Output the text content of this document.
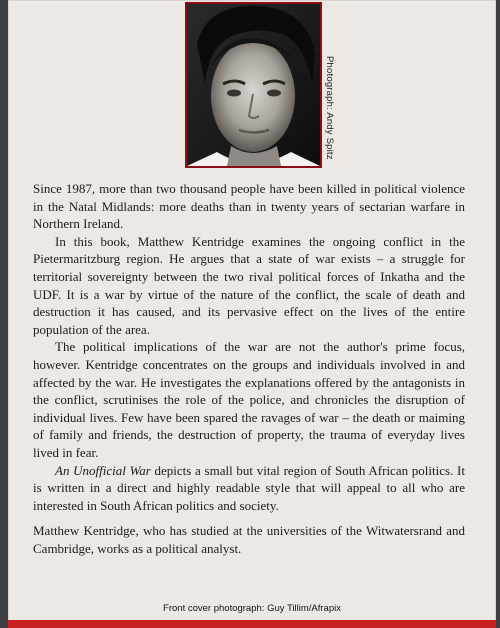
Photograph: Andy Spitz

Since 1987, more than two thousand people have been killed in political violence in the Natal Midlands: more deaths than in twenty years of sectarian warfare in Northern Ireland.

In this book, Matthew Kentridge examines the ongoing conflict in the Pietermaritzburg region. He argues that a state of war exists – a struggle for territorial sovereignty between the two rival political forces of Inkatha and the UDF. It is a war by virtue of the nature of the conflict, the scale of death and destruction it has caused, and its pervasive effect on the lives of the entire population of the area.

The political implications of the war are not the author's prime focus, however. Kentridge concentrates on the groups and individuals involved in and affected by the war. He investigates the explanations offered by the antagonists in the conflict, scrutinises the role of the police, and chronicles the disruption of individual lives. Few have been spared the ravages of war – the death or maiming of family and friends, the destruction of property, the trauma of everyday lives lived in fear.

An Unofficial War depicts a small but vital region of South African politics. It is written in a direct and highly readable style that will appeal to all who are interested in South African politics and society.

Matthew Kentridge, who has studied at the universities of the Witwatersrand and Cambridge, works as a political analyst.

Front cover photograph: Guy Tillim/Afrapix
